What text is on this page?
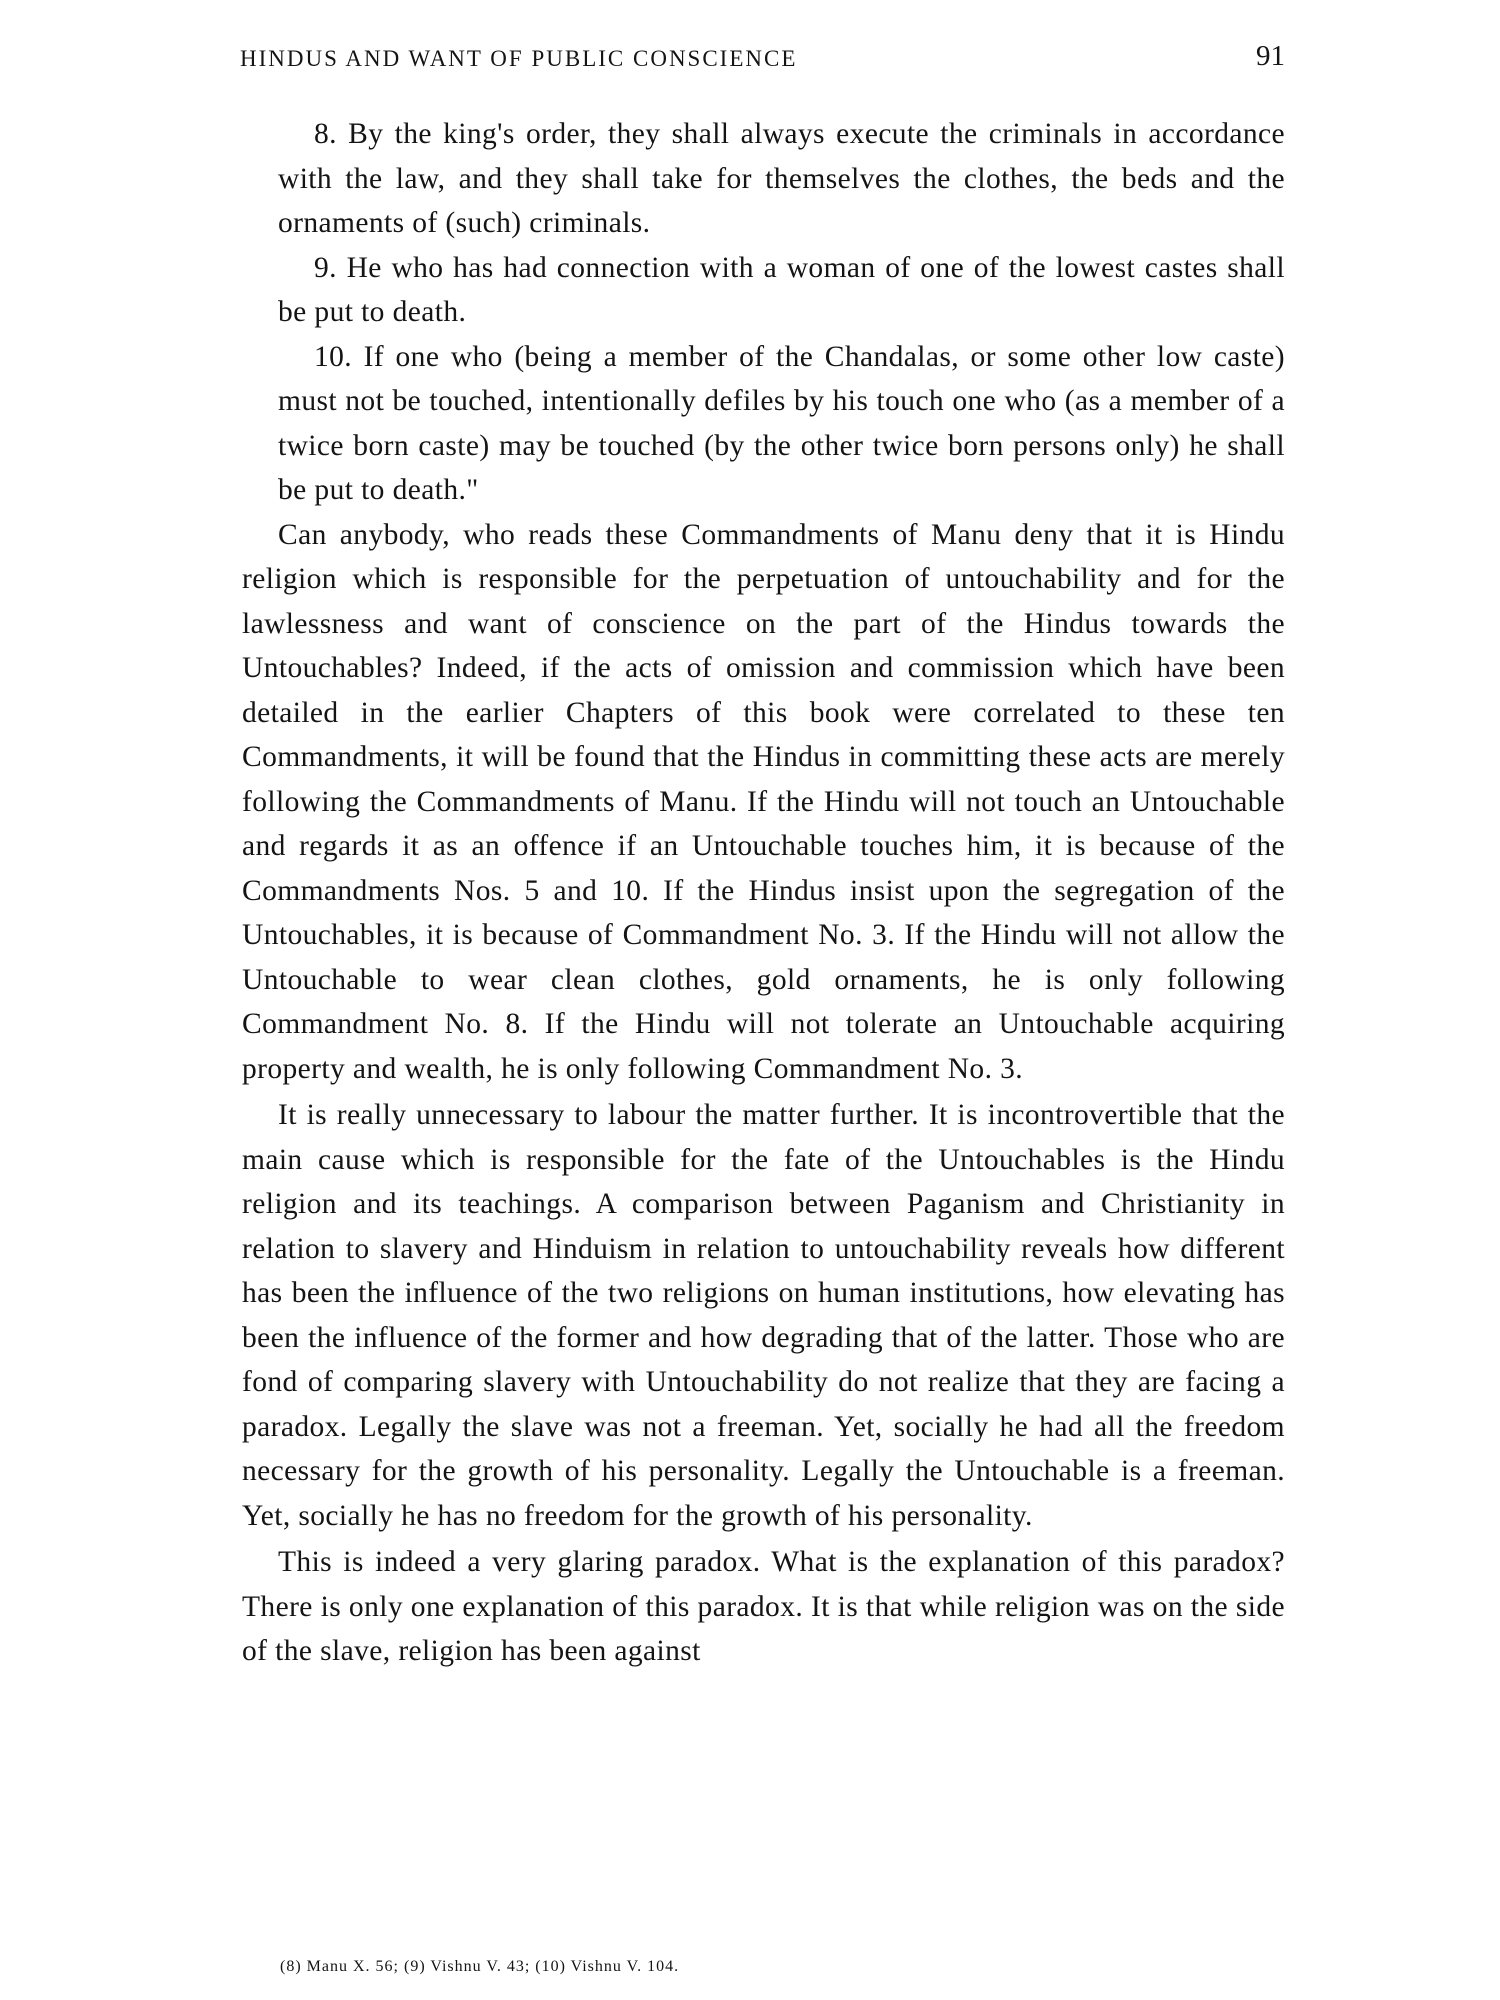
HINDUS AND WANT OF PUBLIC CONSCIENCE	91

8. By the king's order, they shall always execute the criminals in accordance with the law, and they shall take for themselves the clothes, the beds and the ornaments of (such) criminals.

9. He who has had connection with a woman of one of the lowest castes shall be put to death.

10. If one who (being a member of the Chandalas, or some other low caste) must not be touched, intentionally defiles by his touch one who (as a member of a twice born caste) may be touched (by the other twice born persons only) he shall be put to death."

Can anybody, who reads these Commandments of Manu deny that it is Hindu religion which is responsible for the perpetuation of untouchability and for the lawlessness and want of conscience on the part of the Hindus towards the Untouchables? Indeed, if the acts of omission and commission which have been detailed in the earlier Chapters of this book were correlated to these ten Commandments, it will be found that the Hindus in committing these acts are merely following the Commandments of Manu. If the Hindu will not touch an Untouchable and regards it as an offence if an Untouchable touches him, it is because of the Commandments Nos. 5 and 10. If the Hindus insist upon the segregation of the Untouchables, it is because of Commandment No. 3. If the Hindu will not allow the Untouchable to wear clean clothes, gold ornaments, he is only following Commandment No. 8. If the Hindu will not tolerate an Untouchable acquiring property and wealth, he is only following Commandment No. 3.

It is really unnecessary to labour the matter further. It is incontrovertible that the main cause which is responsible for the fate of the Untouchables is the Hindu religion and its teachings. A comparison between Paganism and Christianity in relation to slavery and Hinduism in relation to untouchability reveals how different has been the influence of the two religions on human institutions, how elevating has been the influence of the former and how degrading that of the latter. Those who are fond of comparing slavery with Untouchability do not realize that they are facing a paradox. Legally the slave was not a freeman. Yet, socially he had all the freedom necessary for the growth of his personality. Legally the Untouchable is a freeman. Yet, socially he has no freedom for the growth of his personality.

This is indeed a very glaring paradox. What is the explanation of this paradox? There is only one explanation of this paradox. It is that while religion was on the side of the slave, religion has been against

(8) Manu X. 56; (9) Vishnu V. 43; (10) Vishnu V. 104.
